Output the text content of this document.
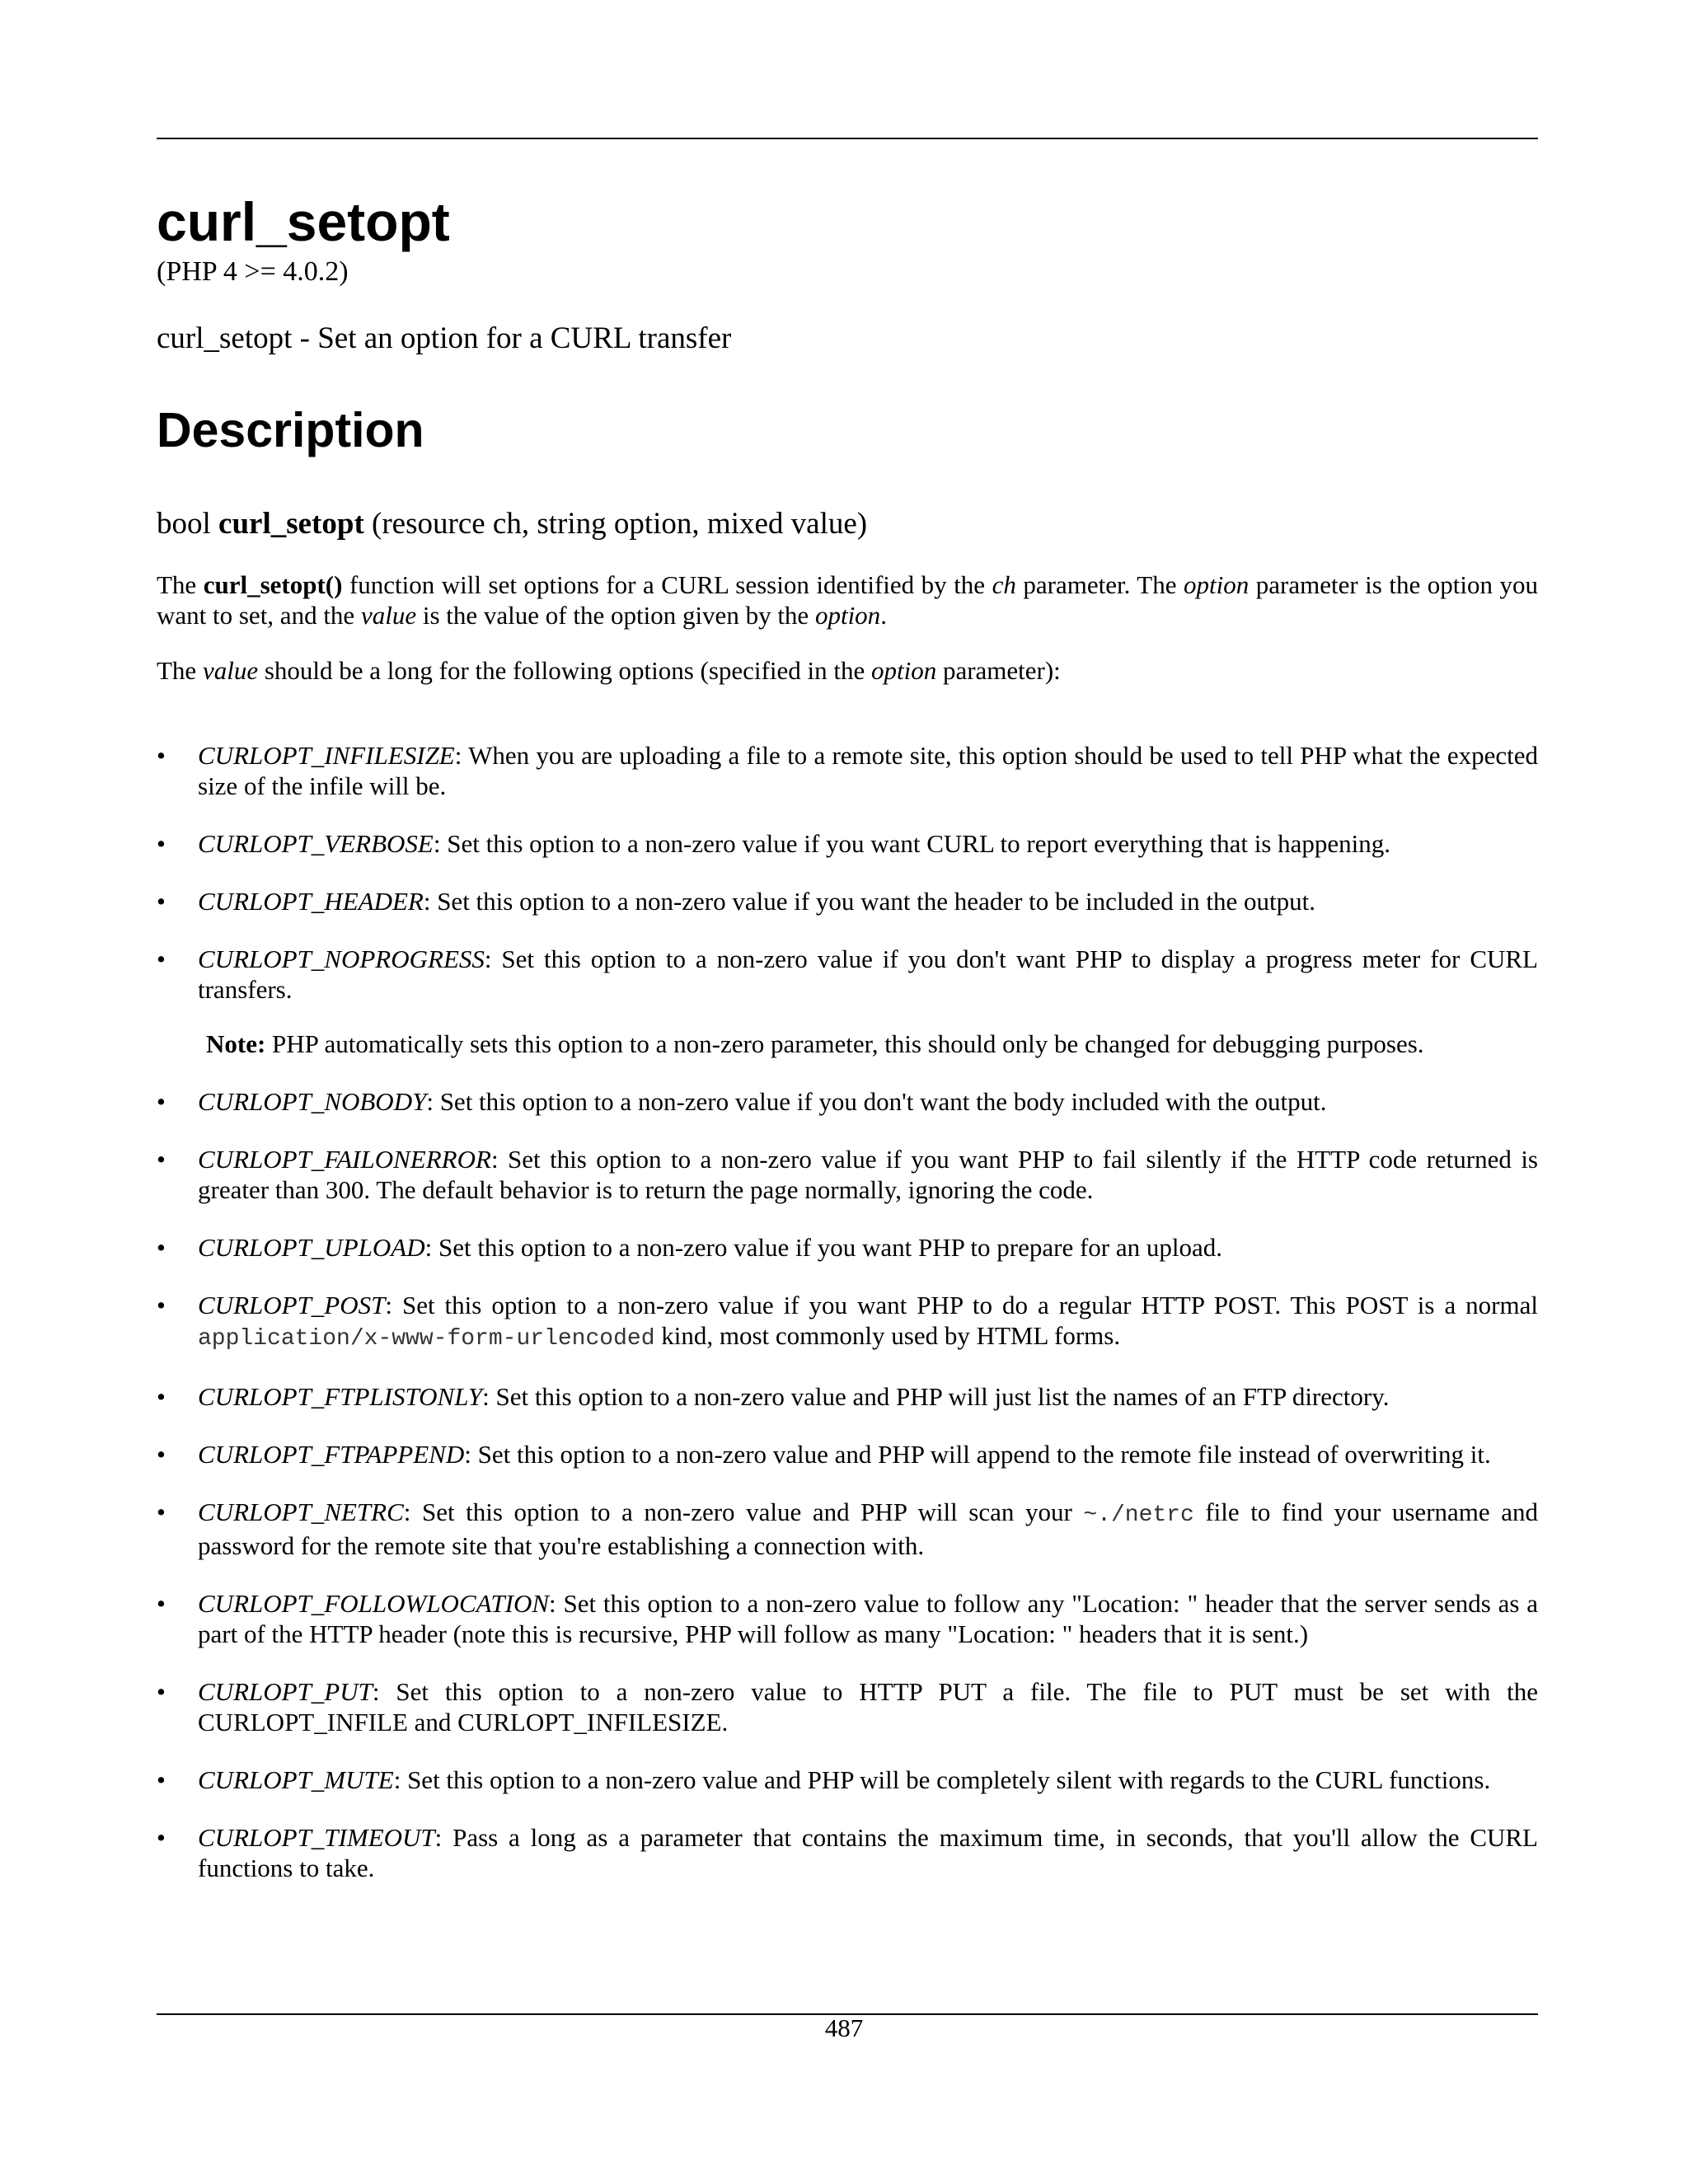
curl_setopt
(PHP 4 >= 4.0.2)
curl_setopt - Set an option for a CURL transfer
Description
bool curl_setopt (resource ch, string option, mixed value)

The curl_setopt() function will set options for a CURL session identified by the ch parameter. The option parameter is the option you want to set, and the value is the value of the option given by the option.

The value should be a long for the following options (specified in the option parameter):

• CURLOPT_INFILESIZE: When you are uploading a file to a remote site, this option should be used to tell PHP what the expected size of the infile will be.
• CURLOPT_VERBOSE: Set this option to a non-zero value if you want CURL to report everything that is happening.
• CURLOPT_HEADER: Set this option to a non-zero value if you want the header to be included in the output.
• CURLOPT_NOPROGRESS: Set this option to a non-zero value if you don't want PHP to display a progress meter for CURL transfers.
Note: PHP automatically sets this option to a non-zero parameter, this should only be changed for debugging purposes.
• CURLOPT_NOBODY: Set this option to a non-zero value if you don't want the body included with the output.
• CURLOPT_FAILONERROR: Set this option to a non-zero value if you want PHP to fail silently if the HTTP code returned is greater than 300. The default behavior is to return the page normally, ignoring the code.
• CURLOPT_UPLOAD: Set this option to a non-zero value if you want PHP to prepare for an upload.
• CURLOPT_POST: Set this option to a non-zero value if you want PHP to do a regular HTTP POST. This POST is a normal application/x-www-form-urlencoded kind, most commonly used by HTML forms.
• CURLOPT_FTPLISTONLY: Set this option to a non-zero value and PHP will just list the names of an FTP directory.
• CURLOPT_FTPAPPEND: Set this option to a non-zero value and PHP will append to the remote file instead of overwriting it.
• CURLOPT_NETRC: Set this option to a non-zero value and PHP will scan your ~./netrc file to find your username and password for the remote site that you're establishing a connection with.
• CURLOPT_FOLLOWLOCATION: Set this option to a non-zero value to follow any "Location: " header that the server sends as a part of the HTTP header (note this is recursive, PHP will follow as many "Location: " headers that it is sent.)
• CURLOPT_PUT: Set this option to a non-zero value to HTTP PUT a file. The file to PUT must be set with the CURLOPT_INFILE and CURLOPT_INFILESIZE.
• CURLOPT_MUTE: Set this option to a non-zero value and PHP will be completely silent with regards to the CURL functions.
• CURLOPT_TIMEOUT: Pass a long as a parameter that contains the maximum time, in seconds, that you'll allow the CURL functions to take.
487
